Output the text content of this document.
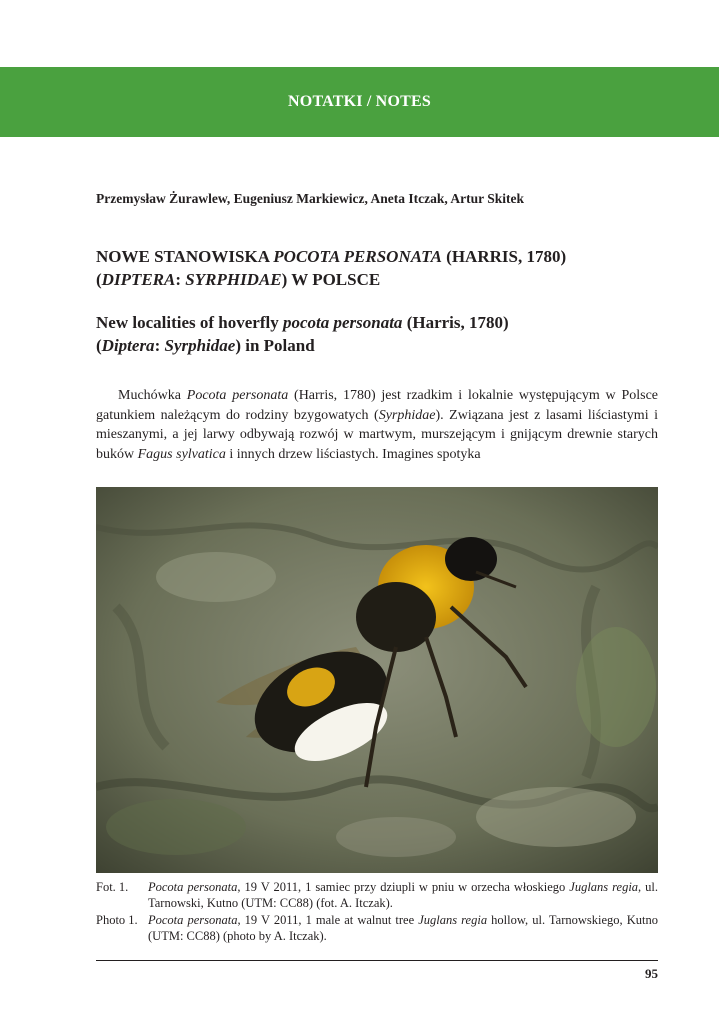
NOTATKI / NOTES
Przemysław Żurawlew, Eugeniusz Markiewicz, Aneta Itczak, Artur Skitek
NOWE STANOWISKA POCOTA PERSONATA (HARRIS, 1780)
(DIPTERA: SYRPHIDAE) W POLSCE
New localities of hoverfly pocota personata (Harris, 1780)
(Diptera: Syrphidae) in Poland

Muchówka Pocota personata (Harris, 1780) jest rzadkim i lokalnie występującym w Polsce gatunkiem należącym do rodziny bzygowatych (Syrphidae). Związana jest z lasami liściastymi i mieszanymi, a jej larwy odbywają rozwój w martwym, murszejącym i gnijącym drewnie starych buków Fagus sylvatica i innych drzew liściastych. Imagines spotyka

Fot. 1.	Pocota personata, 19 V 2011, 1 samiec przy dziupli w pniu w orzecha włoskiego Juglans regia, ul. Tarnowski, Kutno (UTM: CC88) (fot. A. Itczak).
Photo 1. Pocota personata, 19 V 2011, 1 male at walnut tree Juglans regia hollow, ul. Tarnowskiego, Kutno (UTM: CC88) (photo by A. Itczak).
95
